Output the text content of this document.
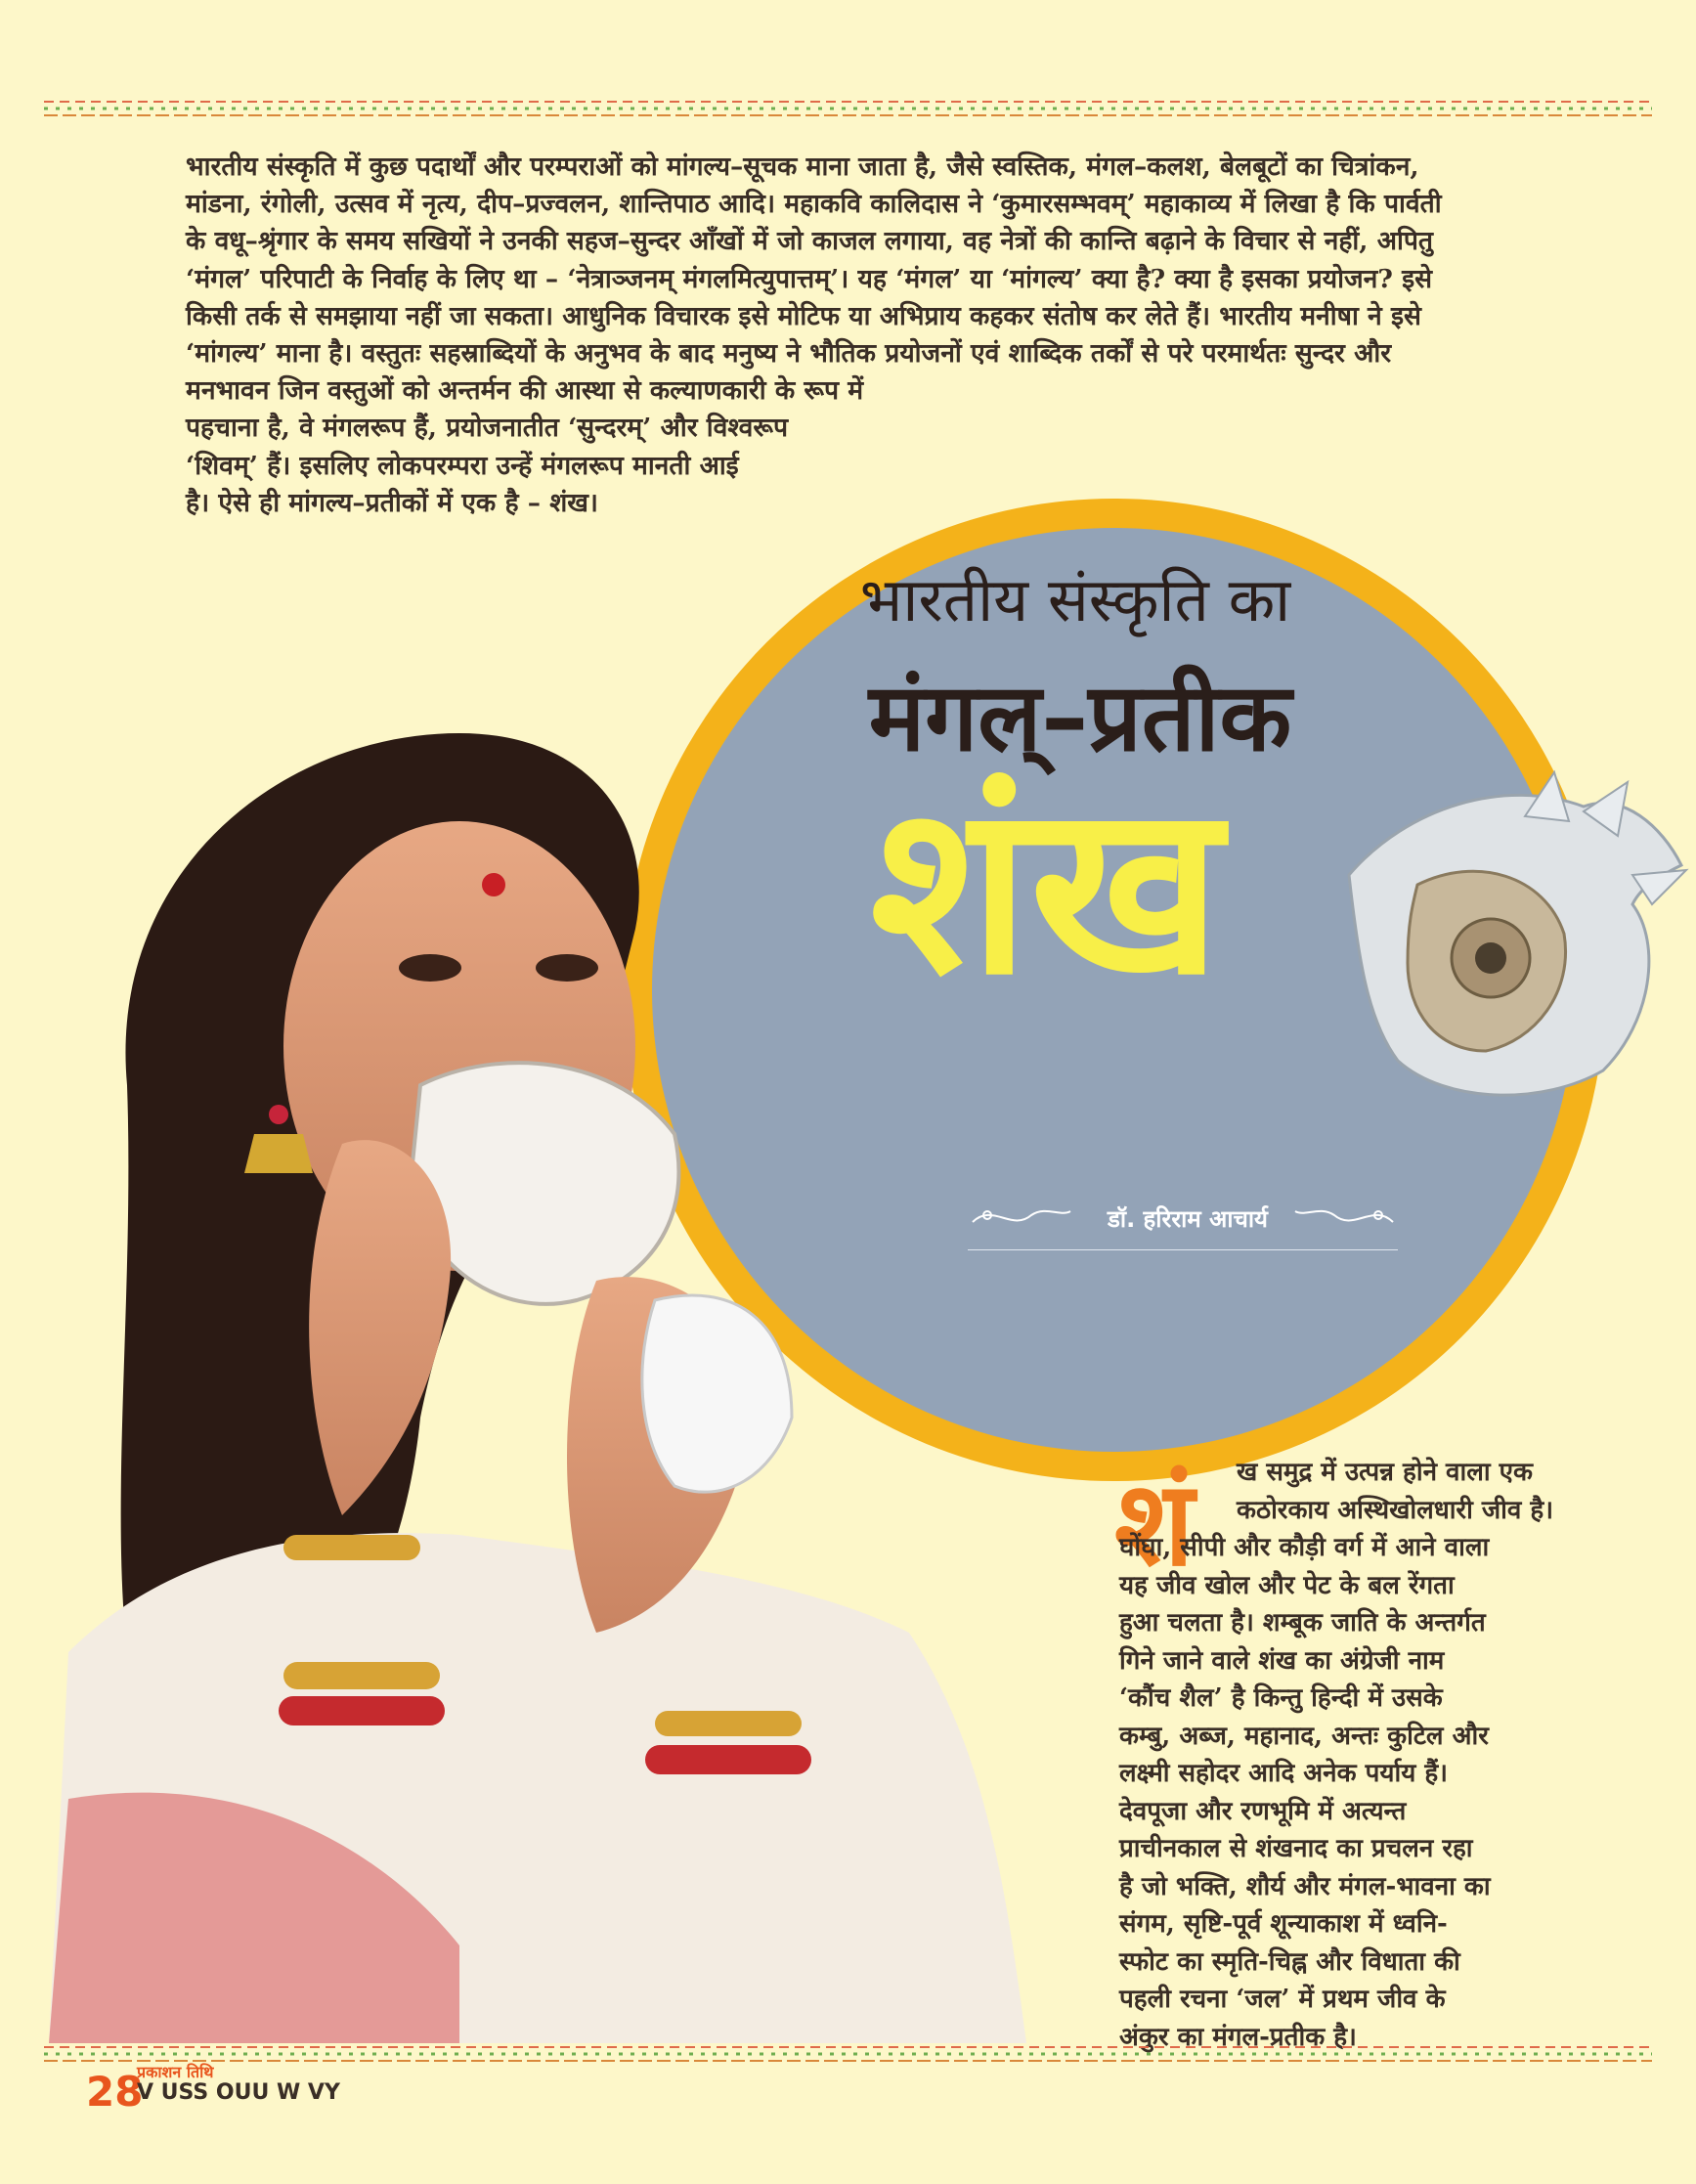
भारतीय संस्कृति में कुछ पदार्थों और परम्पराओं को मांगल्य–सूचक माना जाता है, जैसे स्वस्तिक, मंगल–कलश, बेलबूटों का चित्रांकन,

मांडना, रंगोली, उत्सव में नृत्य, दीप–प्रज्वलन, शान्तिपाठ आदि। महाकवि कालिदास ने ‘कुमारसम्भवम्’ महाकाव्य में लिखा है कि पार्वती

के वधू–श्रृंगार के समय सखियों ने उनकी सहज–सुन्दर आँखों में जो काजल लगाया, वह नेत्रों की कान्ति बढ़ाने के विचार से नहीं, अपितु

‘मंगल’ परिपाटी के निर्वाह के लिए था – ‘नेत्राञ्जनम् मंगलमित्युपात्तम्’। यह ‘मंगल’ या ‘मांगल्य’ क्या है? क्या है इसका प्रयोजन? इसे

किसी तर्क से समझाया नहीं जा सकता। आधुनिक विचारक इसे मोटिफ या अभिप्राय कहकर संतोष कर लेते हैं। भारतीय मनीषा ने इसे

‘मांगल्य’ माना है। वस्तुतः सहस्राब्दियों के अनुभव के बाद मनुष्य ने भौतिक प्रयोजनों एवं शाब्दिक तर्कों से परे परमार्थतः सुन्दर और

मनभावन जिन वस्तुओं को अन्तर्मन की आस्था से कल्याणकारी के रूप में

पहचाना है, वे मंगलरूप हैं, प्रयोजनातीत ‘सुन्दरम्’ और विश्वरूप

‘शिवम्’ हैं। इसलिए लोकपरम्परा उन्हें मंगलरूप मानती आई

है। ऐसे ही मांगल्य–प्रतीकों में एक है – शंख।

भारतीय संस्कृति का
मंगल्–प्रतीक
शंख
डॉ. हरिराम आचार्य
शं	ख समुद्र में उत्पन्न होने वाला एक

कठोरकाय अस्थिखोलधारी जीव है।

घोंघा, सीपी और कौड़ी वर्ग में आने वाला

यह जीव खोल और पेट के बल रेंगता

हुआ चलता है। शम्बूक जाति के अन्तर्गत

गिने जाने वाले शंख का अंग्रेजी नाम

‘कौंच शैल’ है किन्तु हिन्दी में उसके

कम्बु, अब्ज, महानाद, अन्तः कुटिल और

लक्ष्मी सहोदर आदि अनेक पर्याय हैं।

देवपूजा और रणभूमि में अत्यन्त

प्राचीनकाल से शंखनाद का प्रचलन रहा

है जो भक्ति, शौर्य और मंगल-भावना का

संगम, सृष्टि-पूर्व शून्याकाश में ध्वनि-

स्फोट का स्मृति-चिह्न और विधाता की

पहली रचना ‘जल’ में प्रथम जीव के

अंकुर का मंगल-प्रतीक है।

28
प्रकाशन तिथि
V USS OUU W VY
